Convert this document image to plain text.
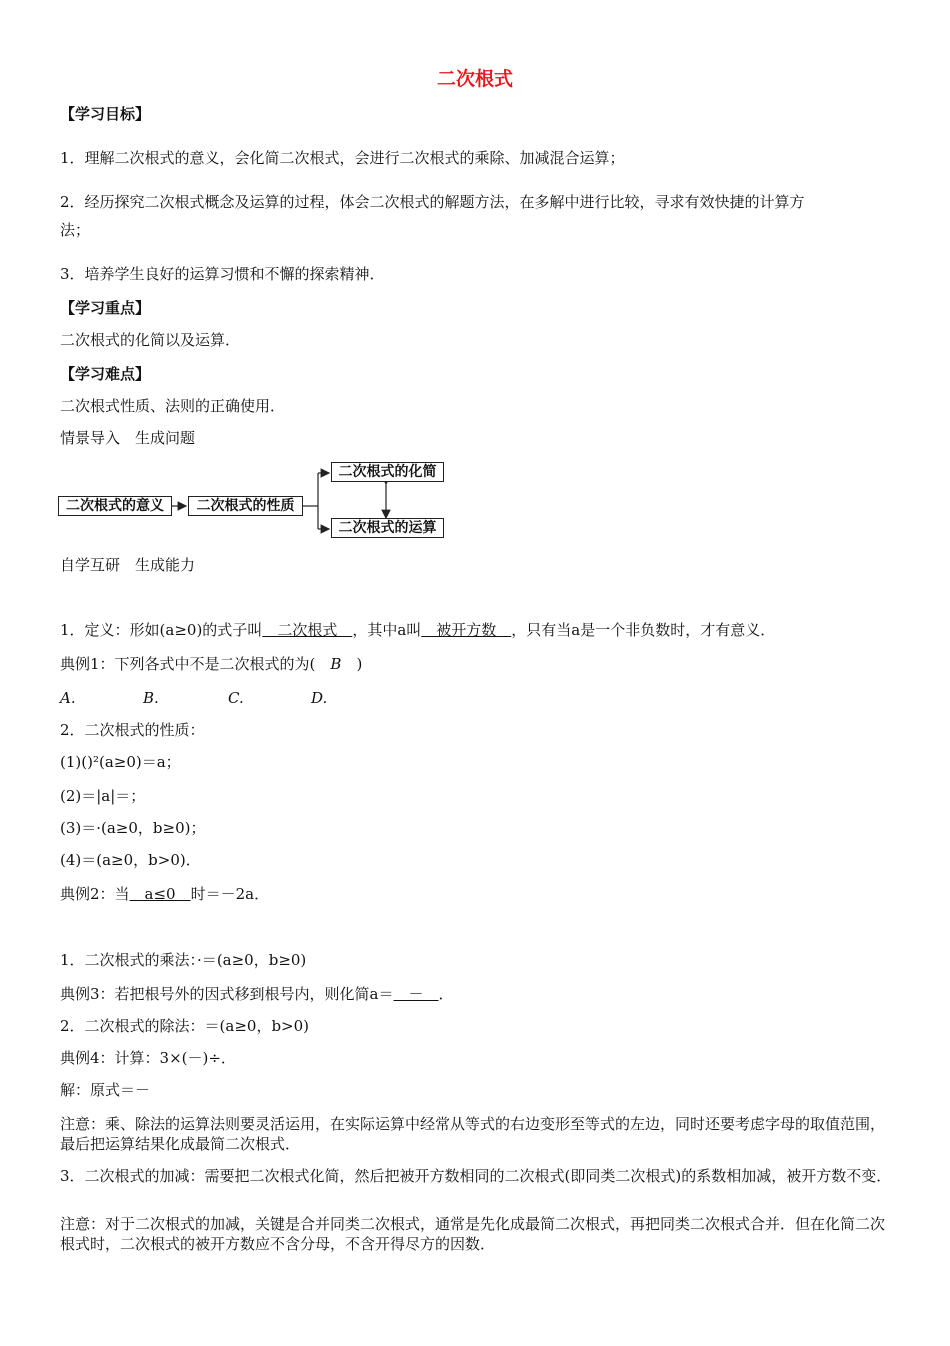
二次根式
【学习目标】
1．理解二次根式的意义，会化简二次根式，会进行二次根式的乘除、加减混合运算；
2．经历探究二次根式概念及运算的过程，体会二次根式的解题方法，在多解中进行比较，寻求有效快捷的计算方
法；
3．培养学生良好的运算习惯和不懈的探索精神．
【学习重点】
二次根式的化简以及运算．
【学习难点】
二次根式性质、法则的正确使用．
情景导入　生成问题
二次根式的意义	二次根式的性质
二次根式的化简
二次根式的运算
自学互研　生成能力
1．定义：形如(a≥0)的式子叫　二次根式　，其中a叫　被开方数　，只有当a是一个非负数时，才有意义．
典例1：下列各式中不是二次根式的为(　B　)
A.	B.	C.	D.
2．二次根式的性质：
(1)()²(a≥0)＝a；
(2)＝|a|＝；
(3)＝·(a≥0，b≥0)；
(4)＝(a≥0，b>0)．
典例2：当　a≤0　时＝－2a．
1．二次根式的乘法：·＝(a≥0，b≥0)
典例3：若把根号外的因式移到根号内，则化简a＝　－　．
2．二次根式的除法：＝(a≥0，b>0)
典例4：计算：3×(－)÷．
解：原式＝－
注意：乘、除法的运算法则要灵活运用，在实际运算中经常从等式的右边变形至等式的左边，同时还要考虑字母的取值范围，最后把运算结果化成最简二次根式．
3．二次根式的加减：需要把二次根式化简，然后把被开方数相同的二次根式(即同类二次根式)的系数相加减，被开方数不变．
注意：对于二次根式的加减，关键是合并同类二次根式，通常是先化成最简二次根式，再把同类二次根式合并．但在化简二次根式时，二次根式的被开方数应不含分母，不含开得尽方的因数．
